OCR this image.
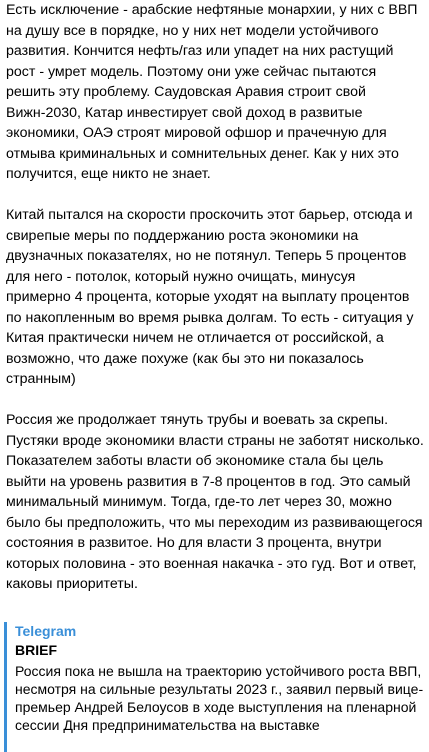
Есть исключение - арабские нефтяные монархии, у них с ВВП на душу все в порядке, но у них нет модели устойчивого развития. Кончится нефть/газ или упадет на них растущий рост - умрет модель. Поэтому они уже сейчас пытаются решить эту проблему. Саудовская Аравия строит свой Вижн-2030, Катар инвестирует свой доход в развитые экономики, ОАЭ строят мировой офшор и прачечную для отмыва криминальных и сомнительных денег. Как у них это получится, еще никто не знает.

Китай пытался на скорости проскочить этот барьер, отсюда и свирепые меры по поддержанию роста экономики на двузначных показателях, но не потянул. Теперь 5 процентов для него - потолок, который нужно очищать, минусуя примерно 4 процента, которые уходят на выплату процентов по накопленным во время рывка долгам. То есть - ситуация у Китая практически ничем не отличается от российской, а возможно, что даже похуже (как бы это ни показалось странным)

Россия же продолжает тянуть трубы и воевать за скрепы. Пустяки вроде экономики власти страны не заботят нисколько. Показателем заботы власти об экономике стала бы цель выйти на уровень развития в 7-8 процентов в год. Это самый минимальный минимум. Тогда, где-то лет через 30, можно было бы предположить, что мы переходим из развивающегося состояния в развитое. Но для власти 3 процента, внутри которых половина - это военная накачка - это гуд. Вот и ответ, каковы приоритеты.

Telegram

BRIEF

Россия пока не вышла на траекторию устойчивого роста ВВП, несмотря на сильные результаты 2023 г., заявил первый вице-премьер Андрей Белоусов в ходе выступления на пленарной сессии Дня предпринимательства на выставке
